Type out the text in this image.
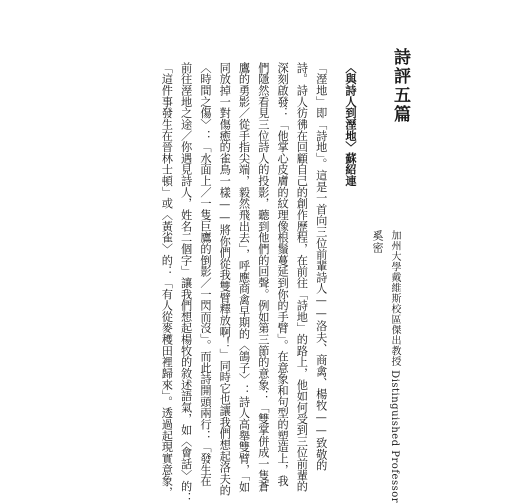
詩評五篇
奚密 加州大學戴維斯校區傑出教授 Distinguished Professor
〈與詩人到溼地〉蘇紹連
「溼地」即「詩地」。這是一首向三位前輩詩人——洛夫、商禽、楊牧——致敬的
詩。詩人彷彿在回顧自己的創作歷程，在前往「詩地」的路上，他如何受到三位前輩的
深刻啟發：「他掌心皮膚的紋理像根鬚蔓延到你的手臂」。在意象和句型的塑造上，我
們隱然看見三位詩人的投影，聽到他們的回聲。例如第三節的意象：「雙掌併成一隻蒼
鷹的勇影／從手指尖端，毅然飛出去」，呼應商禽早期的〈鴿子〉：詩人高舉雙臂，「如
同放掉一對傷癒的雀鳥一樣——將你們從我雙臂釋放啊！」同時它也讓我們想起洛夫的
〈時間之傷〉：「水面上／一隻巨鷹的倒影／一閃而沒」。而此詩開頭兩行：「發生在
前往溼地之途／你遇見詩人，姓名二個字」讓我們想起楊牧的敘述語氣，如〈會話〉的：
「這件事發生在晉林士頓」或〈黃雀〉的：「有人從麥穫田裡歸來」。透過起現實意象，
